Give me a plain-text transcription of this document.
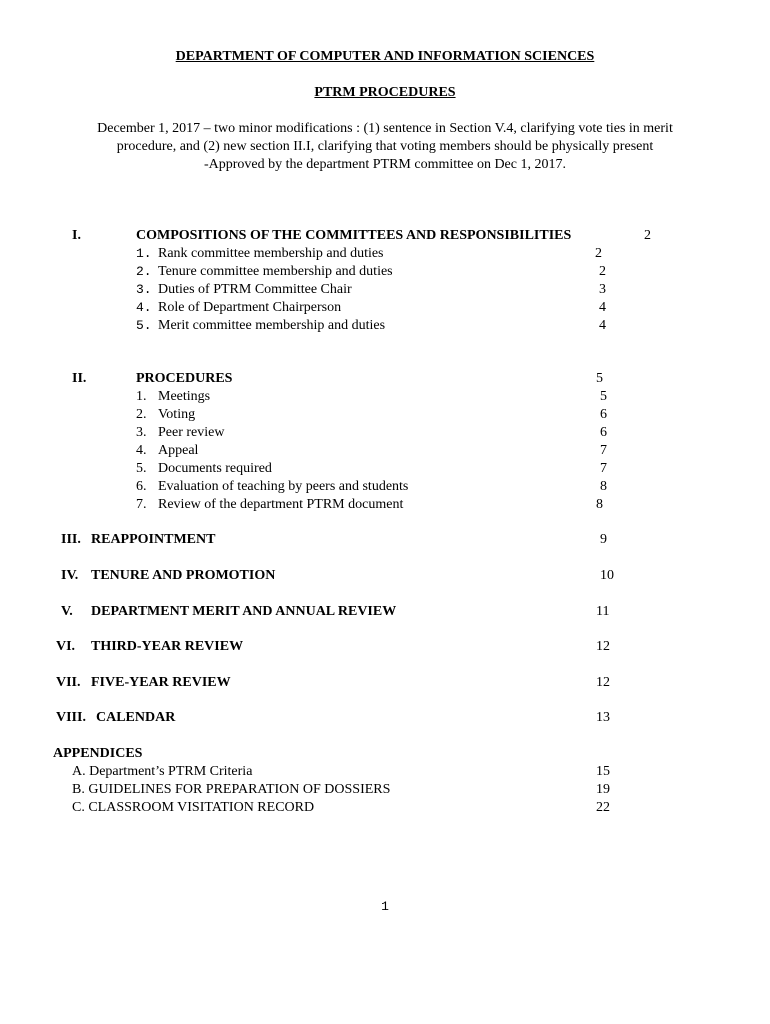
DEPARTMENT OF COMPUTER AND INFORMATION SCIENCES
PTRM PROCEDURES
December 1, 2017 – two minor modifications : (1) sentence in Section V.4, clarifying vote ties in merit
procedure, and (2) new section II.I, clarifying that voting members should be physically present
-Approved by the department PTRM committee on Dec 1, 2017.
I.	COMPOSITIONS OF THE COMMITTEES AND RESPONSIBILITIES	2
1. Rank committee membership and duties	2
2. Tenure committee membership and duties	2
3. Duties of PTRM Committee Chair	3
4. Role of Department Chairperson	4
5. Merit committee membership and duties	4
II.	PROCEDURES	5
1. Meetings	5
2. Voting	6
3. Peer review	6
4. Appeal	7
5. Documents required	7
6. Evaluation of teaching by peers and students	8
7. Review of the department PTRM document	8
III. REAPPOINTMENT	9
IV. TENURE AND PROMOTION	10
V. DEPARTMENT MERIT AND ANNUAL REVIEW	11
VI. THIRD-YEAR REVIEW	12
VII. FIVE-YEAR REVIEW	12
VIII. CALENDAR	13
APPENDICES
A. Department’s PTRM Criteria	15
B. GUIDELINES FOR PREPARATION OF DOSSIERS	19
C. CLASSROOM VISITATION RECORD	22
1
